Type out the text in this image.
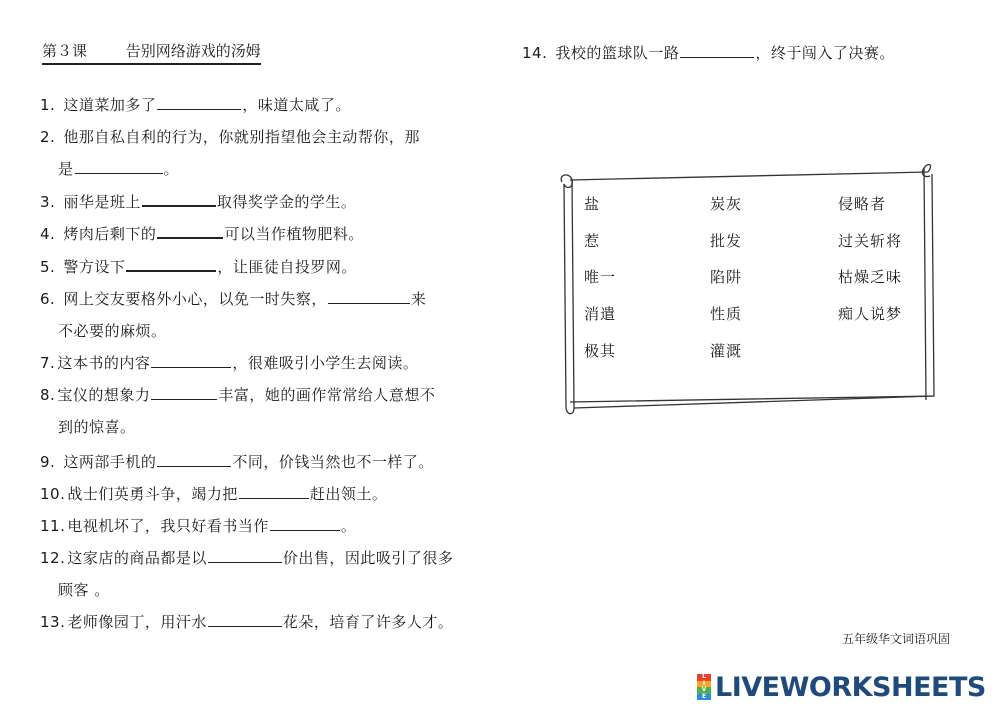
第３课	告别网络游戏的汤姆
1. 这道菜加多了	，味道太咸了。
2. 他那自私自利的行为，你就别指望他会主动帮你，那
是	。
3. 丽华是班上	取得奖学金的学生。
4. 烤肉后剩下的	可以当作植物肥料。
5. 警方设下	，让匪徒自投罗网。
6. 网上交友要格外小心，以免一时失察，	来
不必要的麻烦。
7. 这本书的内容	，很难吸引小学生去阅读。
8. 宝仪的想象力	丰富，她的画作常常给人意想不
到的惊喜。
9. 这两部手机的	不同，价钱当然也不一样了。
10. 战士们英勇斗争，竭力把	赶出领土。
11. 电视机坏了，我只好看书当作	。
12. 这家店的商品都是以	价出售，因此吸引了很多
顾客 。
13. 老师像园丁，用汗水	花朵，培育了许多人才。
14. 我校的篮球队一路	，终于闯入了决赛。
盐	炭灰	侵略者
惹	批发	过关斩将
唯一	陷阱	枯燥乏味
消遣	性质	痴人说梦
极其	灌溉
五年级华文词语巩固
L
I
V
E LIVEWORKSHEETS
